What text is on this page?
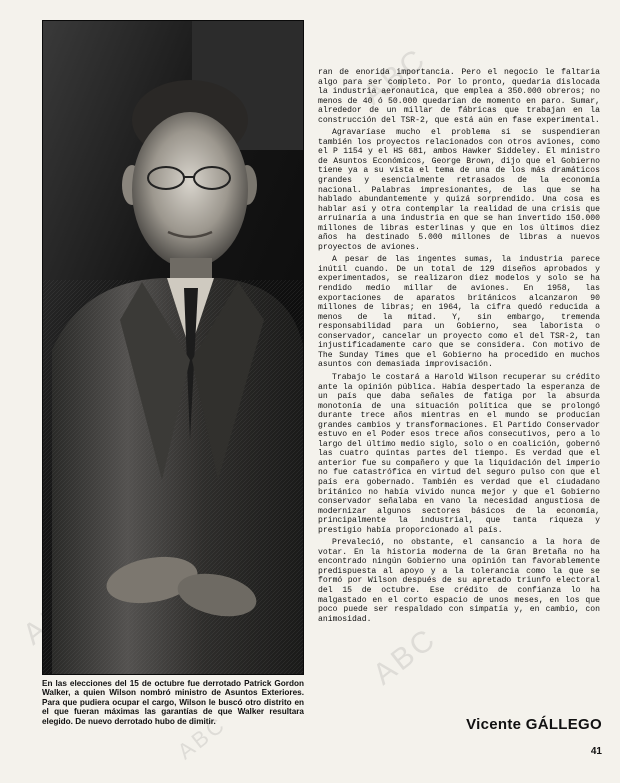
ABC
ABC
ABC
En las elecciones del 15 de octubre fue derrotado Patrick Gordon Walker, a quien Wilson nombró ministro de Asuntos Exteriores. Para que pudiera ocupar el cargo, Wilson le buscó otro distrito en el que fueran máximas las garantías de que Walker resultara elegido. De nuevo derrotado hubo de dimitir.

ran de enorida importancia. Pero el negocio le faltaria algo para ser completo. Por lo pronto, quedaria dislocada la industria aeronautica, que emplea a 350.000 obreros; no menos de 40 ó 50.000 quedarían de momento en paro. Sumar, alrededor de un millar de fábricas que trabajan en la construcción del TSR-2, que está aún en fase experimental.

Agravaríase mucho el problema si se suspendieran también los proyectos relacionados con otros aviones, como el P 1154 y el HS 681, ambos Hawker Siddeley. El ministro de Asuntos Económicos, George Brown, dijo que el Gobierno tiene ya a su vista el tema de una de los más dramáticos grandes y esencialmente retrasados de la economía nacional. Palabras impresionantes, de las que se ha hablado abundantemente y quizá sorprendido. Una cosa es hablar así y otra contemplar la realidad de una crisis que arruinaría a una industria en que se han invertido 150.000 millones de libras esterlinas y que en los últimos diez años ha destinado 5.000 millones de libras a nuevos proyectos de aviones.

A pesar de las ingentes sumas, la industria parece inútil cuando. De un total de 129 diseños aprobados y experimentados, se realizaron diez modelos y solo se ha rendido medio millar de aviones. En 1958, las exportaciones de aparatos británicos alcanzaron 90 millones de libras; en 1964, la cifra quedó reducida a menos de la mitad. Y, sin embargo, tremenda responsabilidad para un Gobierno, sea laborista o conservador, cancelar un proyecto como el del TSR-2, tan injustificadamente caro que se considera. Con motivo de The Sunday Times que el Gobierno ha procedido en muchos asuntos con demasiada improvisación.

Trabajo le costará a Harold Wilson recuperar su crédito ante la opinión pública. Había despertado la esperanza de un país que daba señales de fatiga por la absurda monotonía de una situación política que se prolongó durante trece años mientras en el mundo se producían grandes cambios y transformaciones. El Partido Conservador estuvo en el Poder esos trece años consecutivos, pero a lo largo del último medio siglo, solo o en coalición, gobernó las cuatro quintas partes del tiempo. Es verdad que el anterior fue su compañero y que la liquidación del imperio no fue catastrófica en virtud del seguro pulso con que el país era gobernado. También es verdad que el ciudadano británico no había vivido nunca mejor y que el Gobierno conservador señalaba en vano la necesidad angustiosa de modernizar algunos sectores básicos de la economía, principalmente la industrial, que tanta riqueza y prestigio había proporcionado al país.

Prevaleció, no obstante, el cansancio a la hora de votar. En la historia moderna de la Gran Bretaña no ha encontrado ningún Gobierno una opinión tan favorablemente predispuesta al apoyo y a la tolerancia como la que se formó por Wilson después de su apretado triunfo electoral del 15 de octubre. Ese crédito de confianza lo ha malgastado en el corto espacio de unos meses, en los que poco puede ser respaldado con simpatía y, en cambio, con animosidad.

Vicente GÁLLEGO
41
